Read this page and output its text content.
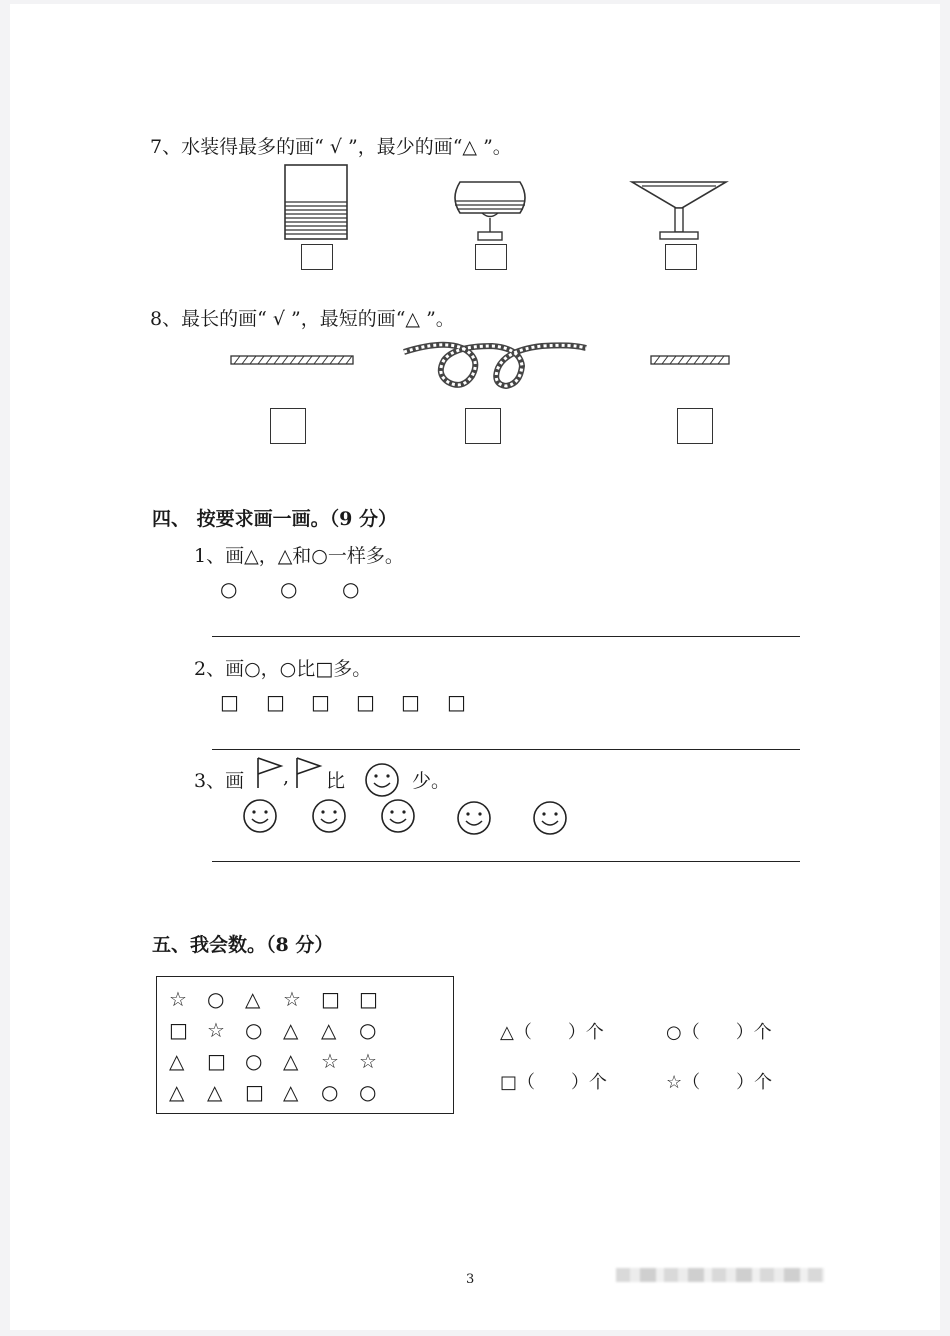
7、水装得最多的画“ √ ”，最少的画“△ ”。
8、最长的画“ √ ”，最短的画“△ ”。
四、 按要求画一画。（9 分）
1、画△，△和○一样多。
○ ○ ○
2、画○，○比□多。
□ □ □ □ □ □
3、画 , 比	少。
五、我会数。（8 分）
☆ ○ △ ☆ □ □
□ ☆ ○ △ △ ○
△ □ ○ △ ☆ ☆
△ △ □ △ ○ ○
△（ ）个	○（ ）个
□（ ）个	☆（ ）个
3
